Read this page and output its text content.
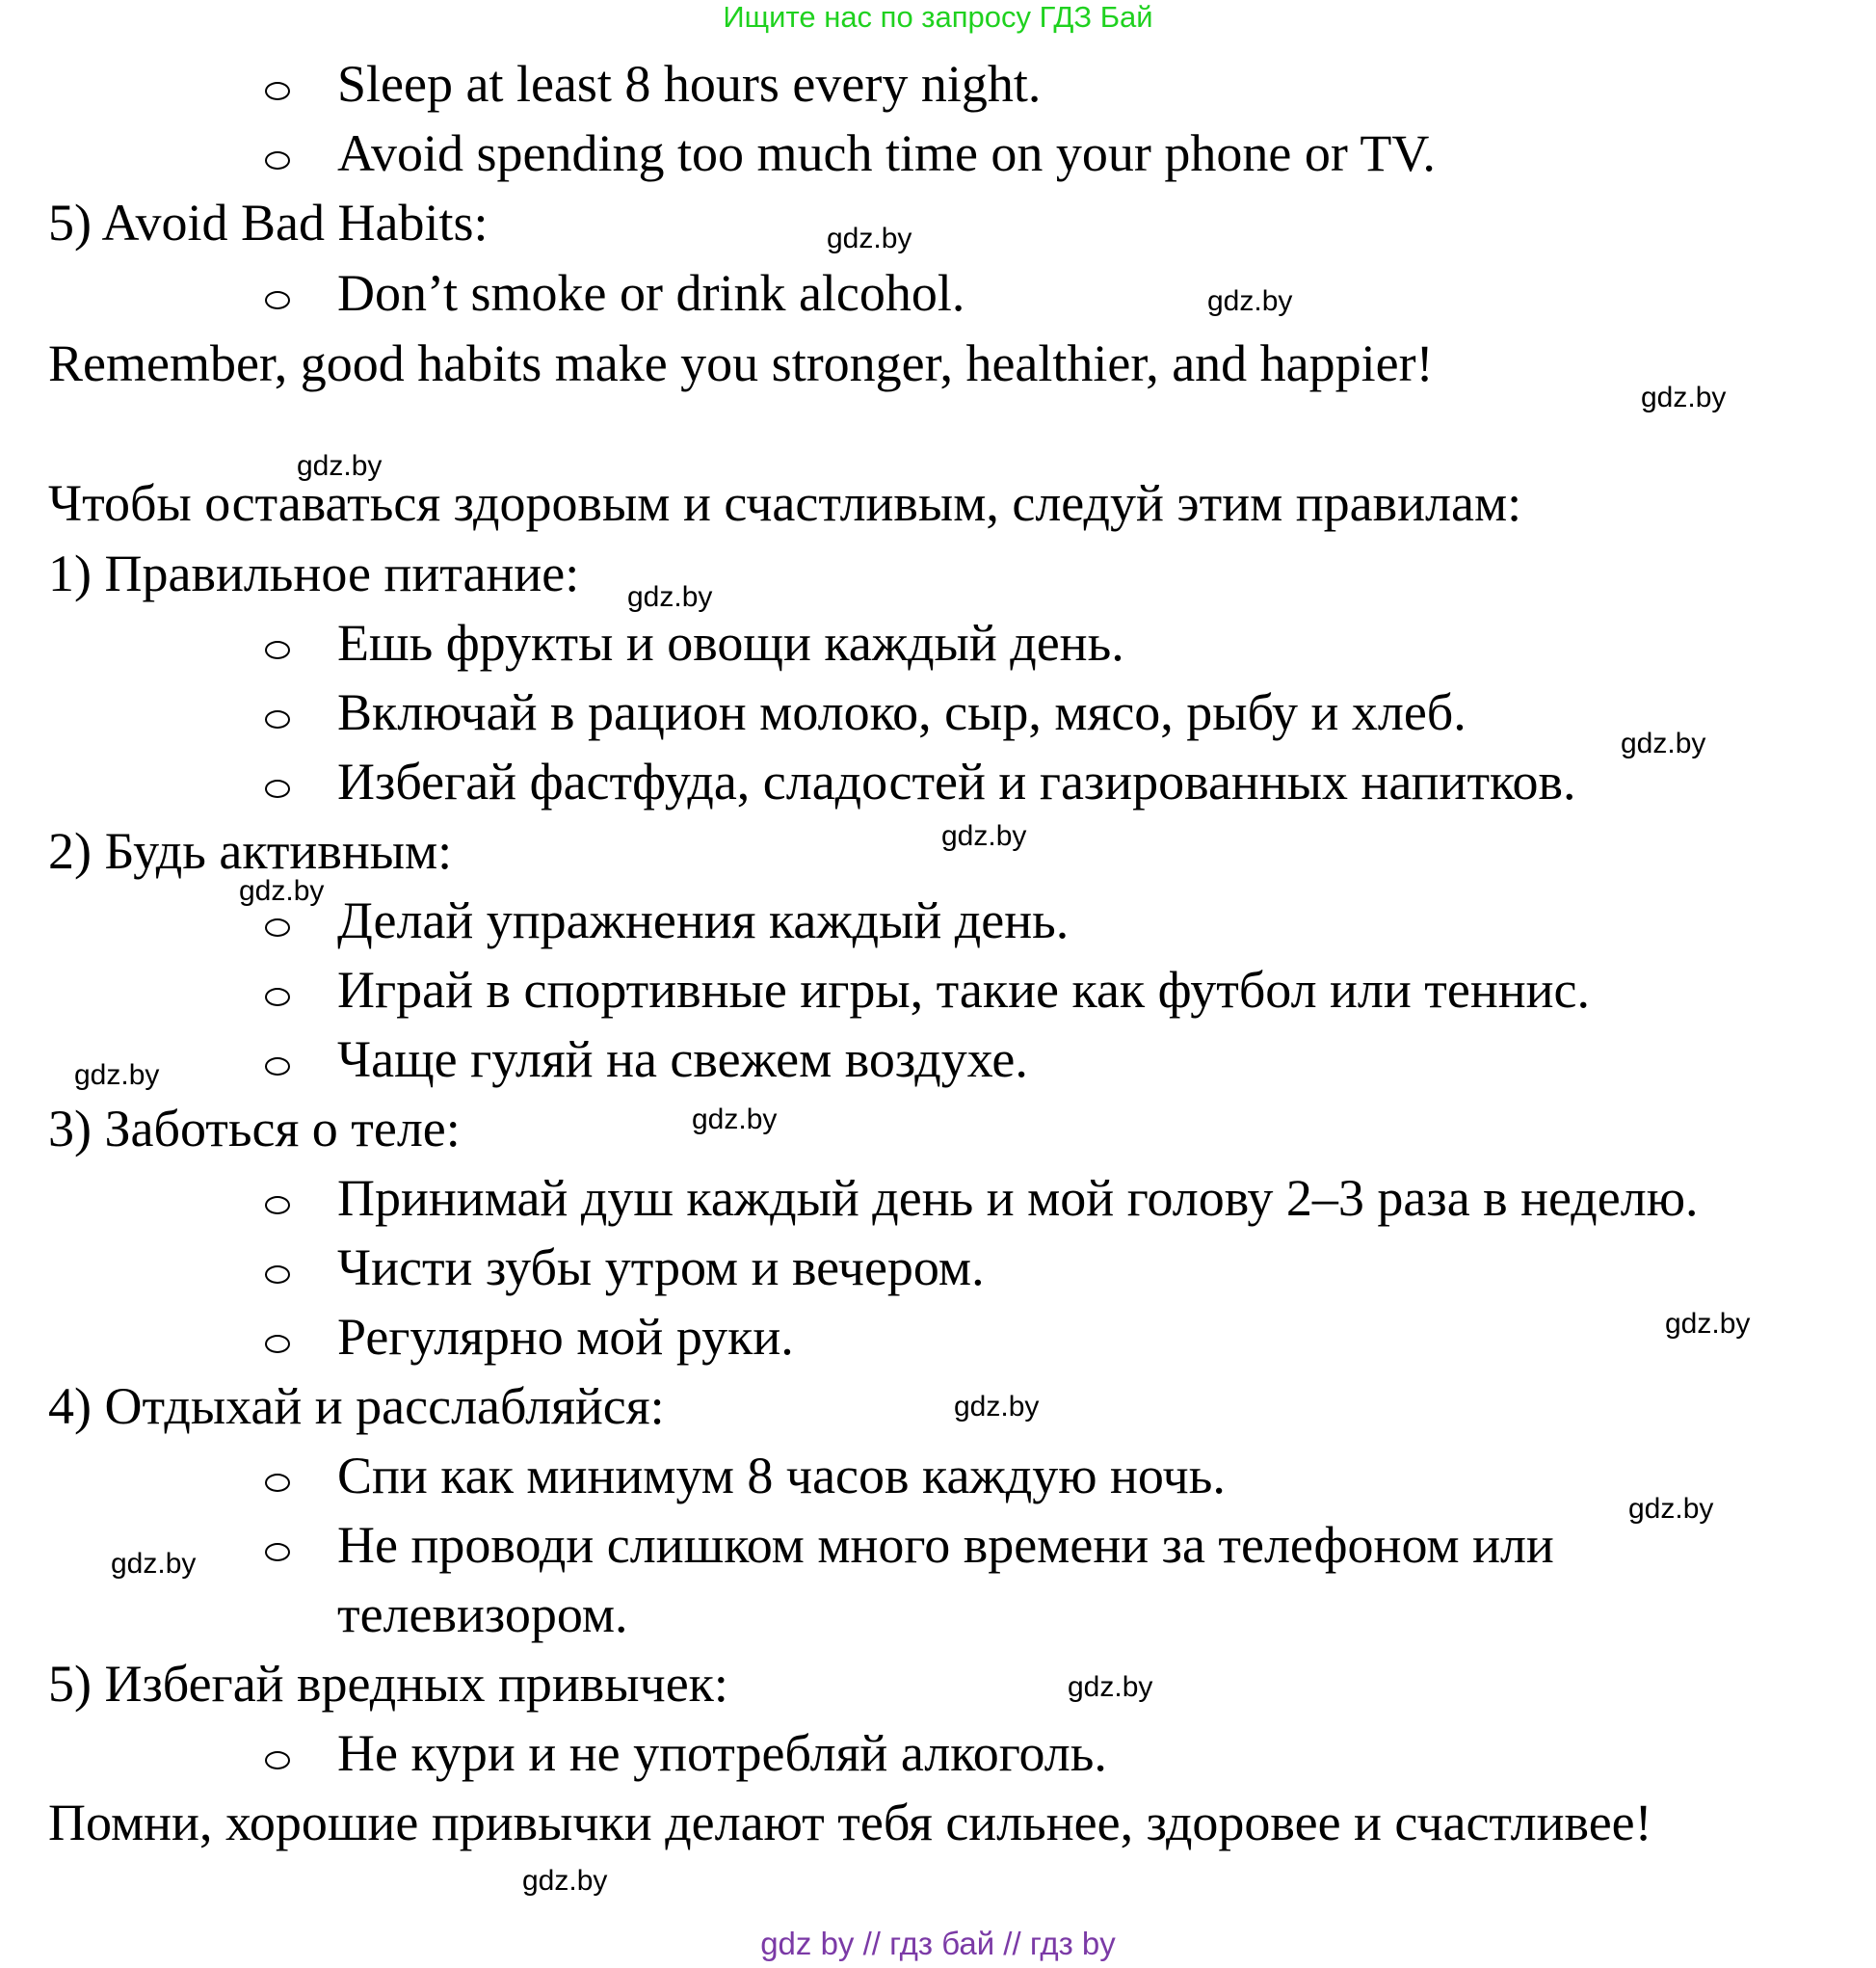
Ищите нас по запросу ГДЗ Бай
Sleep at least 8 hours every night.
Avoid spending too much time on your phone or TV.
5) Avoid Bad Habits:
Don’t smoke or drink alcohol.
Remember, good habits make you stronger, healthier, and happier!
Чтобы оставаться здоровым и счастливым, следуй этим правилам:
1) Правильное питание:
Ешь фрукты и овощи каждый день.
Включай в рацион молоко, сыр, мясо, рыбу и хлеб.
Избегай фастфуда, сладостей и газированных напитков.
2) Будь активным:
Делай упражнения каждый день.
Играй в спортивные игры, такие как футбол или теннис.
Чаще гуляй на свежем воздухе.
3) Заботься о теле:
Принимай душ каждый день и мой голову 2–3 раза в неделю.
Чисти зубы утром и вечером.
Регулярно мой руки.
4) Отдыхай и расслабляйся:
Спи как минимум 8 часов каждую ночь.
Не проводи слишком много времени за телефоном или
телевизором.
5) Избегай вредных привычек:
Не кури и не употребляй алкоголь.
Помни, хорошие привычки делают тебя сильнее, здоровее и счастливее!
gdz.by
gdz.by
gdz.by
gdz.by
gdz.by
gdz.by
gdz.by
gdz.by
gdz.by
gdz.by
gdz.by
gdz.by
gdz.by
gdz.by
gdz.by
gdz.by
gdz by // гдз бай // гдз by
